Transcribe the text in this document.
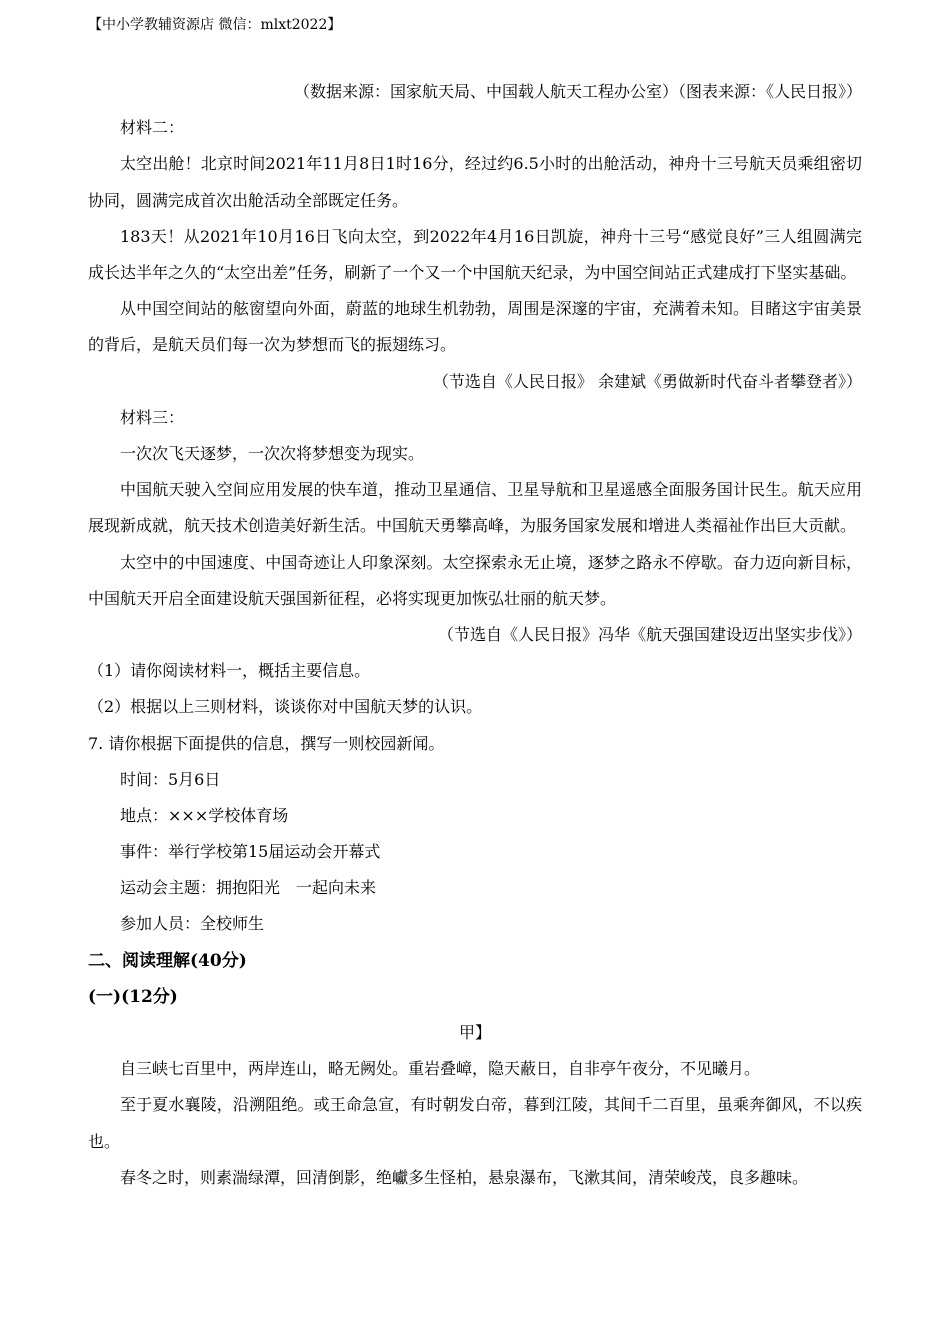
【中小学教辅资源店 微信：mlxt2022】
（数据来源：国家航天局、中国载人航天工程办公室）（图表来源：《人民日报》）
材料二：
太空出舱！北京时间2021年11月8日1时16分，经过约6.5小时的出舱活动，神舟十三号航天员乘组密切协同，圆满完成首次出舱活动全部既定任务。
183天！从2021年10月16日飞向太空，到2022年4月16日凯旋，神舟十三号“感觉良好”三人组圆满完成长达半年之久的“太空出差”任务，刷新了一个又一个中国航天纪录，为中国空间站正式建成打下坚实基础。
从中国空间站的舷窗望向外面，蔚蓝的地球生机勃勃，周围是深邃的宇宙，充满着未知。目睹这宇宙美景的背后，是航天员们每一次为梦想而飞的振翅练习。
（节选自《人民日报》 余建斌《勇做新时代奋斗者攀登者》）
材料三：
一次次飞天逐梦，一次次将梦想变为现实。
中国航天驶入空间应用发展的快车道，推动卫星通信、卫星导航和卫星遥感全面服务国计民生。航天应用展现新成就，航天技术创造美好新生活。中国航天勇攀高峰，为服务国家发展和增进人类福祉作出巨大贡献。
太空中的中国速度、中国奇迹让人印象深刻。太空探索永无止境，逐梦之路永不停歇。奋力迈向新目标，中国航天开启全面建设航天强国新征程，必将实现更加恢弘壮丽的航天梦。
（节选自《人民日报》冯华《航天强国建设迈出坚实步伐》）
（1）请你阅读材料一，概括主要信息。
（2）根据以上三则材料，谈谈你对中国航天梦的认识。
7. 请你根据下面提供的信息，撰写一则校园新闻。
时间：5月6日
地点：×××学校体育场
事件：举行学校第15届运动会开幕式
运动会主题：拥抱阳光　一起向未来
参加人员：全校师生
二、阅读理解(40分)
(一)(12分)
甲】
自三峡七百里中，两岸连山，略无阙处。重岩叠嶂，隐天蔽日，自非亭午夜分，不见曦月。
至于夏水襄陵，沿溯阻绝。或王命急宣，有时朝发白帝，暮到江陵，其间千二百里，虽乘奔御风，不以疾也。
春冬之时，则素湍绿潭，回清倒影，绝巘多生怪柏，悬泉瀑布，飞漱其间，清荣峻茂，良多趣味。
